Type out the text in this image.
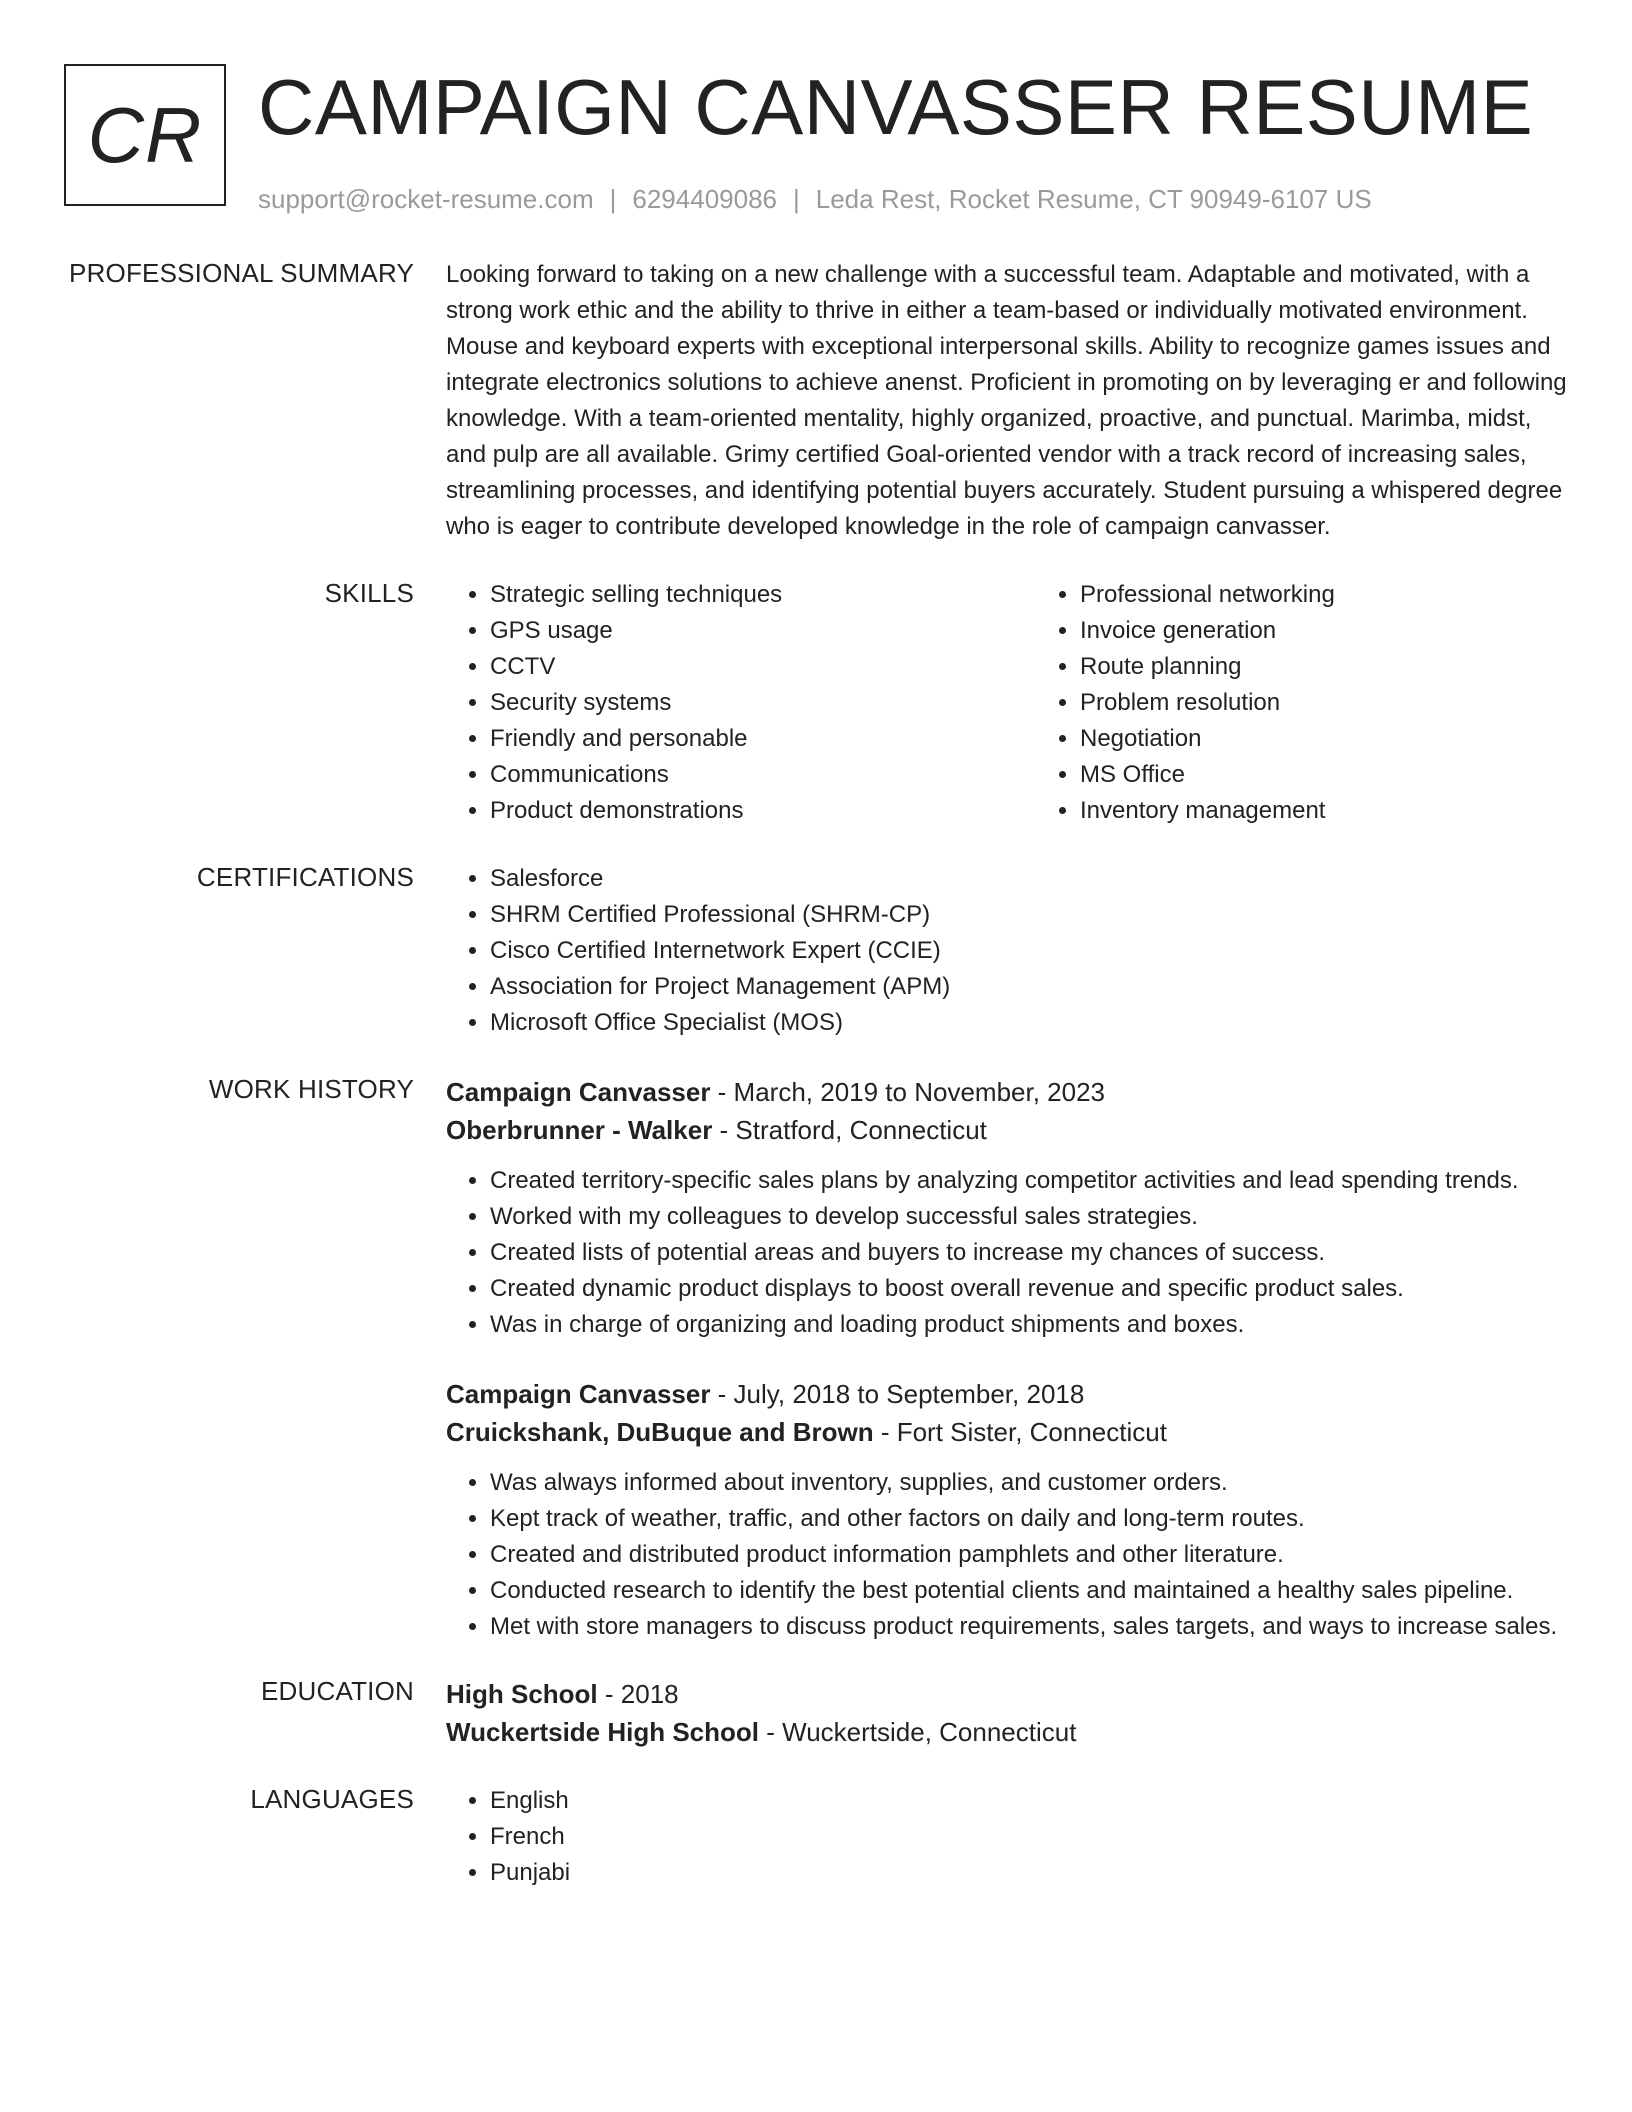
CR CAMPAIGN CANVASSER RESUME
support@rocket-resume.com | 6294409086 | Leda Rest, Rocket Resume, CT 90949-6107 US
PROFESSIONAL SUMMARY Looking forward to taking on a new challenge with a successful team. Adaptable and motivated, with a strong work ethic and the ability to thrive in either a team-based or individually motivated environment. Mouse and keyboard experts with exceptional interpersonal skills. Ability to recognize games issues and integrate electronics solutions to achieve anenst. Proficient in promoting on by leveraging er and following knowledge. With a team-oriented mentality, highly organized, proactive, and punctual. Marimba, midst, and pulp are all available. Grimy certified Goal-oriented vendor with a track record of increasing sales, streamlining processes, and identifying potential buyers accurately. Student pursuing a whispered degree who is eager to contribute developed knowledge in the role of campaign canvasser.

SKILLS	• Strategic selling techniques
• GPS usage
• CCTV
• Security systems
• Friendly and personable
• Communications
• Product demonstrations
• Professional networking
• Invoice generation
• Route planning
• Problem resolution
• Negotiation
• MS Office
• Inventory management
CERTIFICATIONS	• Salesforce
• SHRM Certified Professional (SHRM-CP)
• Cisco Certified Internetwork Expert (CCIE)
• Association for Project Management (APM)
• Microsoft Office Specialist (MOS)
WORK HISTORY Campaign Canvasser - March, 2019 to November, 2023
Oberbrunner - Walker - Stratford, Connecticut
• Created territory-specific sales plans by analyzing competitor activities and lead spending trends.
• Worked with my colleagues to develop successful sales strategies.
• Created lists of potential areas and buyers to increase my chances of success.
• Created dynamic product displays to boost overall revenue and specific product sales.
• Was in charge of organizing and loading product shipments and boxes.
Campaign Canvasser - July, 2018 to September, 2018
Cruickshank, DuBuque and Brown - Fort Sister, Connecticut
• Was always informed about inventory, supplies, and customer orders.
• Kept track of weather, traffic, and other factors on daily and long-term routes.
• Created and distributed product information pamphlets and other literature.
• Conducted research to identify the best potential clients and maintained a healthy sales pipeline.
• Met with store managers to discuss product requirements, sales targets, and ways to increase sales.
EDUCATION High School - 2018
Wuckertside High School - Wuckertside, Connecticut
LANGUAGES	• English
• French
• Punjabi
